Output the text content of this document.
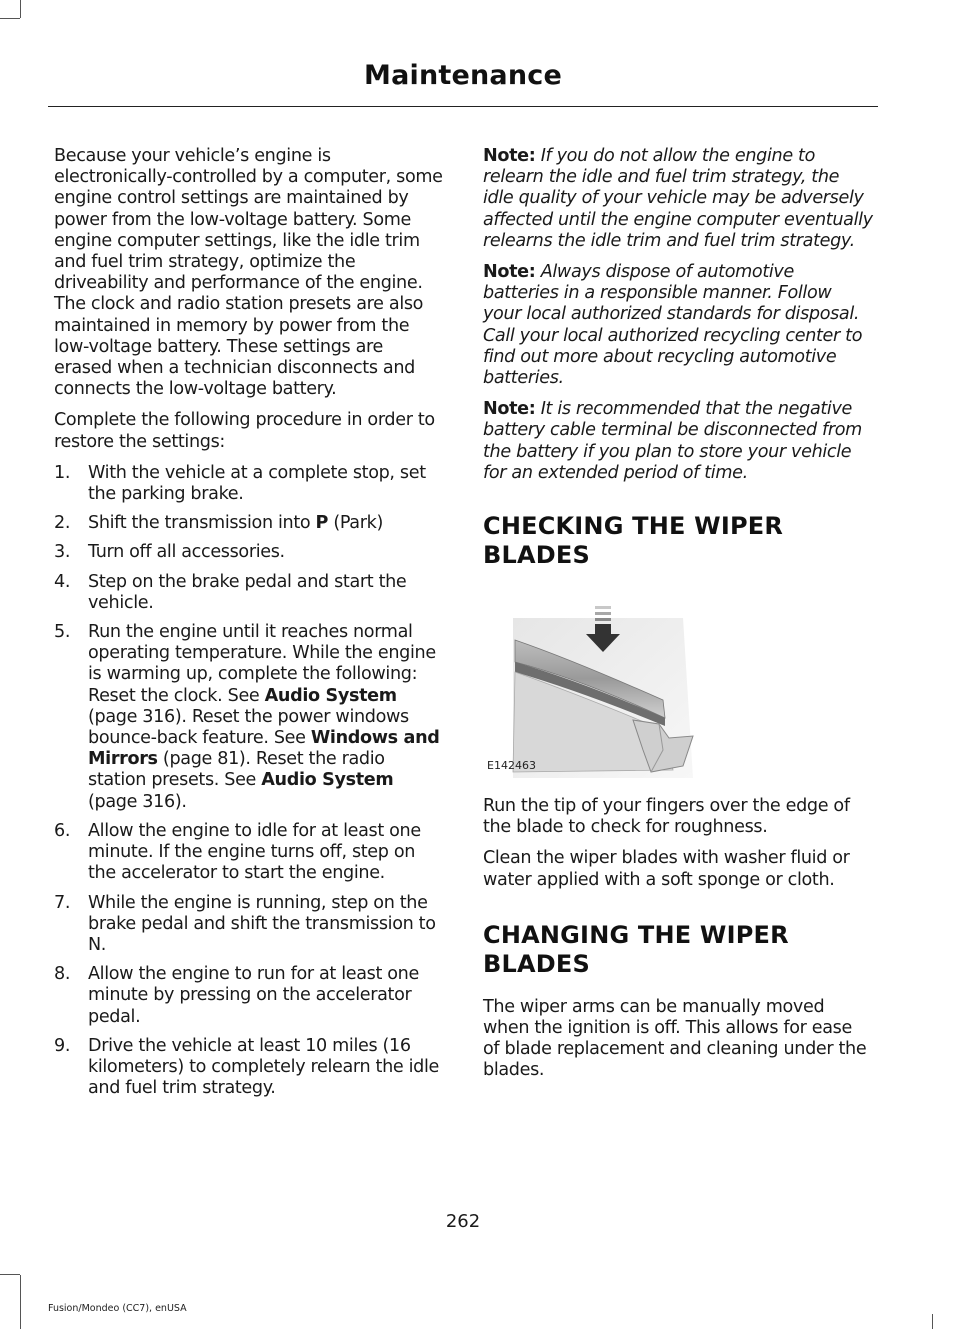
Maintenance

Because your vehicle’s engine is electronically-controlled by a computer, some engine control settings are maintained by power from the low-voltage battery. Some engine computer settings, like the idle trim and fuel trim strategy, optimize the driveability and performance of the engine. The clock and radio station presets are also maintained in memory by power from the low-voltage battery. These settings are erased when a technician disconnects and connects the low-voltage battery.

Complete the following procedure in order to restore the settings:

1. With the vehicle at a complete stop, set the parking brake.
2. Shift the transmission into P (Park)
3. Turn off all accessories.
4. Step on the brake pedal and start the vehicle.
5. Run the engine until it reaches normal operating temperature. While the engine is warming up, complete the following: Reset the clock. See Audio System (page 316). Reset the power windows bounce-back feature. See Windows and Mirrors (page 81). Reset the radio station presets. See Audio System (page 316).
6. Allow the engine to idle for at least one minute. If the engine turns off, step on the accelerator to start the engine.
7. While the engine is running, step on the brake pedal and shift the transmission to N.
8. Allow the engine to run for at least one minute by pressing on the accelerator pedal.
9. Drive the vehicle at least 10 miles (16 kilometers) to completely relearn the idle and fuel trim strategy.

Note: If you do not allow the engine to relearn the idle and fuel trim strategy, the idle quality of your vehicle may be adversely affected until the engine computer eventually relearns the idle trim and fuel trim strategy.

Note: Always dispose of automotive batteries in a responsible manner. Follow your local authorized standards for disposal. Call your local authorized recycling center to find out more about recycling automotive batteries.

Note: It is recommended that the negative battery cable terminal be disconnected from the battery if you plan to store your vehicle for an extended period of time.

CHECKING THE WIPER BLADES
E142463

Run the tip of your fingers over the edge of the blade to check for roughness.

Clean the wiper blades with washer fluid or water applied with a soft sponge or cloth.

CHANGING THE WIPER BLADES

The wiper arms can be manually moved when the ignition is off. This allows for ease of blade replacement and cleaning under the blades.

262
Fusion/Mondeo (CC7), enUSA
